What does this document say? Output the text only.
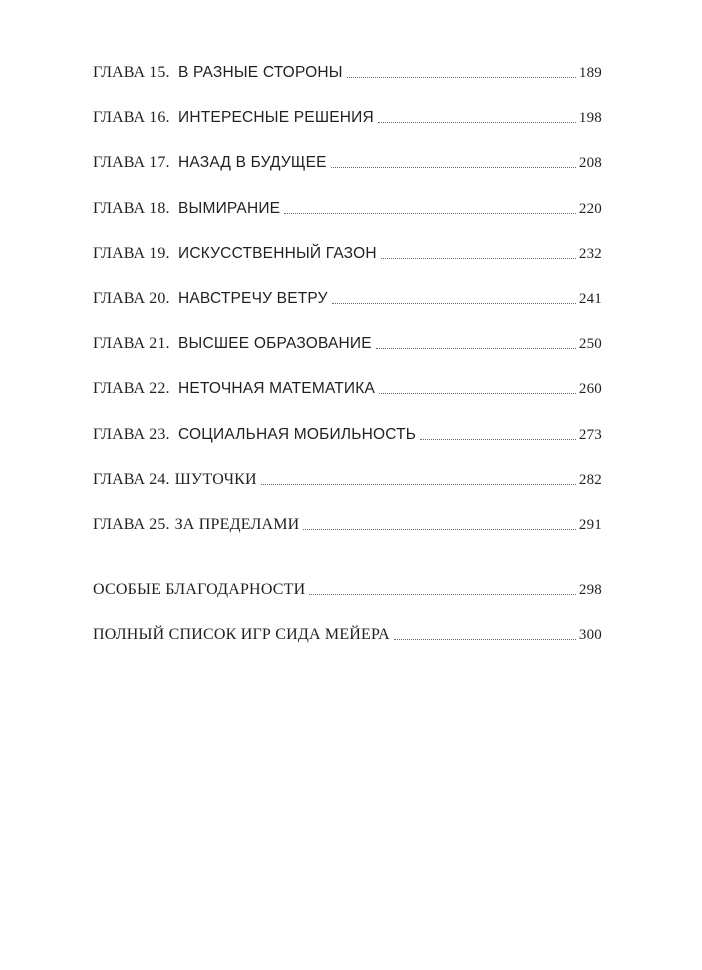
ГЛАВА 15. В РАЗНЫЕ СТОРОНЫ	189
ГЛАВА 16. ИНТЕРЕСНЫЕ РЕШЕНИЯ	198
ГЛАВА 17. НАЗАД В БУДУЩЕЕ	208
ГЛАВА 18. ВЫМИРАНИЕ	220
ГЛАВА 19. ИСКУССТВЕННЫЙ ГАЗОН	232
ГЛАВА 20. НАВСТРЕЧУ ВЕТРУ	241
ГЛАВА 21. ВЫСШЕЕ ОБРАЗОВАНИЕ	250
ГЛАВА 22. НЕТОЧНАЯ МАТЕМАТИКА	260
ГЛАВА 23. СОЦИАЛЬНАЯ МОБИЛЬНОСТЬ	273
ГЛАВА 24. ШУТОЧКИ	282
ГЛАВА 25. ЗА ПРЕДЕЛАМИ	291
ОСОБЫЕ БЛАГОДАРНОСТИ	298
ПОЛНЫЙ СПИСОК ИГР СИДА МЕЙЕРА	300
